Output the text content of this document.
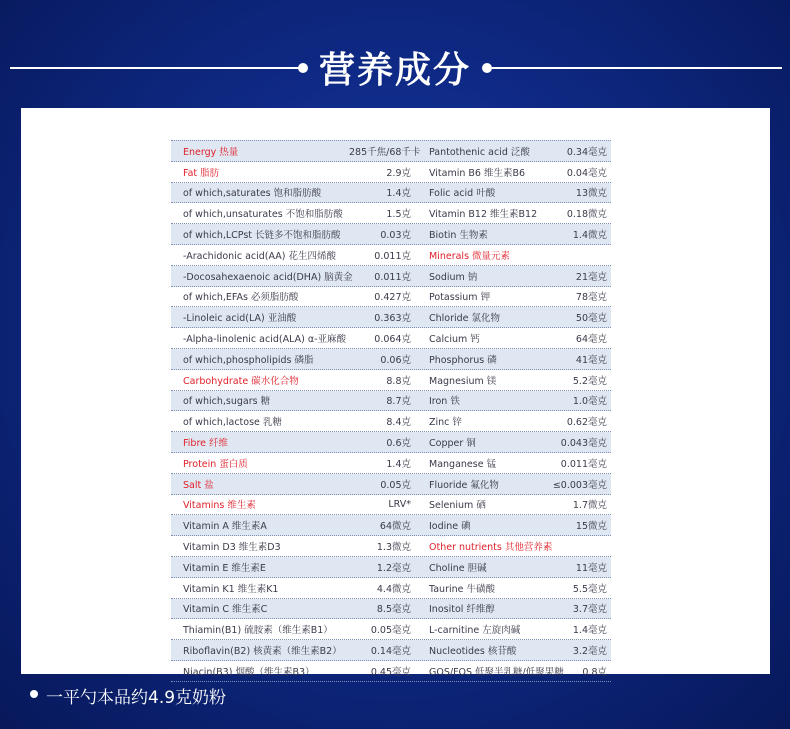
营养成分
Energy 热量	285千焦/68千卡 Pantothenic acid 泛酸	0.34毫克
Fat 脂肪	2.9克	Vitamin B6 维生素B6	0.04毫克
of which,saturates 饱和脂肪酸	1.4克	Folic acid 叶酸	13微克
of which,unsaturates 不饱和脂肪酸	1.5克	Vitamin B12 维生素B12	0.18微克
of which,LCPst 长链多不饱和脂肪酸	0.03克	Biotin 生物素	1.4微克
-Arachidonic acid(AA) 花生四烯酸	0.011克	Minerals 微量元素
-Docosahexaenoic acid(DHA) 脑黄金	0.011克	Sodium 钠	21毫克
of which,EFAs 必须脂肪酸	0.427克	Potassium 钾	78毫克
-Linoleic acid(LA) 亚油酸	0.363克	Chloride 氯化物	50毫克
-Alpha-linolenic acid(ALA) α-亚麻酸	0.064克	Calcium 钙	64毫克
of which,phospholipids 磷脂	0.06克	Phosphorus 磷	41毫克
Carbohydrate 碳水化合物	8.8克	Magnesium 镁	5.2毫克
of which,sugars 糖	8.7克	Iron 铁	1.0毫克
of which,lactose 乳糖	8.4克	Zinc 锌	0.62毫克
Fibre 纤维	0.6克	Copper 铜	0.043毫克
Protein 蛋白质	1.4克	Manganese 锰	0.011毫克
Salt 盐	0.05克	Fluoride 氟化物	≤0.003毫克
Vitamins 维生素	LRV*	Selenium 硒	1.7微克
Vitamin A 维生素A	64微克	Iodine 碘	15微克
Vitamin D3 维生素D3	1.3微克	Other nutrients 其他营养素
Vitamin E 维生素E	1.2毫克	Choline 胆碱	11毫克
Vitamin K1 维生素K1	4.4微克	Taurine 牛磺酸	5.5毫克
Vitamin C 维生素C	8.5毫克	Inositol 纤维醇	3.7毫克
Thiamin(B1) 硫胺素（维生素B1）	0.05毫克	L-carnitine 左旋肉碱	1.4毫克
Riboflavin(B2) 核黄素（维生素B2）	0.14毫克	Nucleotides 核苷酸	3.2毫克
Niacin(B3) 烟酸（维生素B3）	0.45毫克	GOS/FOS 低聚半乳糖/低聚果糖	0.8克
一平勺本品约4.9克奶粉
